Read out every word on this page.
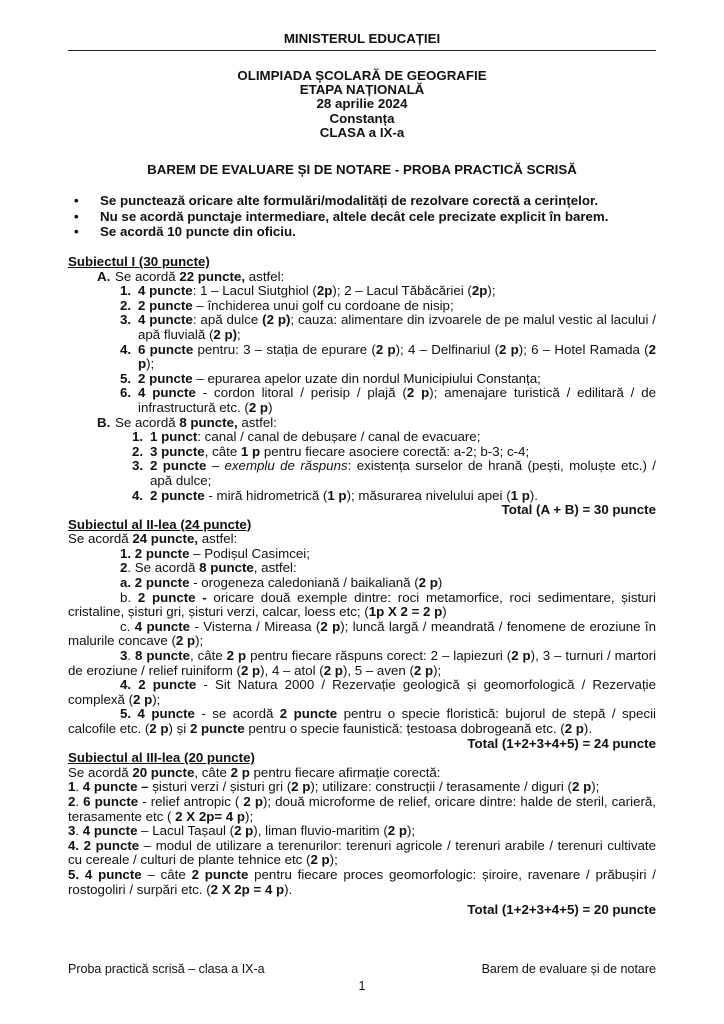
MINISTERUL EDUCAȚIEI
OLIMPIADA ȘCOLARĂ DE GEOGRAFIE
ETAPA NAȚIONALĂ
28 aprilie 2024
Constanța
CLASA a IX-a
BAREM DE EVALUARE ȘI DE NOTARE - PROBA PRACTICĂ SCRISĂ
• Se punctează oricare alte formulări/modalități de rezolvare corectă a cerințelor.
• Nu se acordă punctaje intermediare, altele decât cele precizate explicit în barem.
• Se acordă 10 puncte din oficiu.
Subiectul I (30 puncte)
A. Se acordă 22 puncte, astfel:
1. 4 puncte: 1 – Lacul Siutghiol (2p); 2 – Lacul Tăbăcăriei (2p);
2. 2 puncte – închiderea unui golf cu cordoane de nisip;
3. 4 puncte: apă dulce (2 p); cauza: alimentare din izvoarele de pe malul vestic al lacului / apă fluvială (2 p);
4. 6 puncte pentru: 3 – stația de epurare (2 p); 4 – Delfinariul (2 p); 6 – Hotel Ramada (2 p);
5. 2 puncte – epurarea apelor uzate din nordul Municipiului Constanța;
6. 4 puncte - cordon litoral / perisip / plajă (2 p); amenajare turistică / edilitară / de infrastructură etc. (2 p)
B. Se acordă 8 puncte, astfel:
1. 1 punct: canal / canal de debușare / canal de evacuare;
2. 3 puncte, câte 1 p pentru fiecare asociere corectă: a-2; b-3; c-4;
3. 2 puncte – exemplu de răspuns: existența surselor de hrană (pești, moluște etc.) / apă dulce;
4. 2 puncte - miră hidrometrică (1 p); măsurarea nivelului apei (1 p).
Total (A + B) = 30 puncte
Subiectul al II-lea (24 puncte)
Se acordă 24 puncte, astfel:
1. 2 puncte – Podișul Casimcei;
2. Se acordă 8 puncte, astfel:
a. 2 puncte - orogeneza caledoniană / baikaliană (2 p)
b. 2 puncte - oricare două exemple dintre: roci metamorfice, roci sedimentare, șisturi cristaline, șisturi gri, șisturi verzi, calcar, loess etc; (1p X 2 = 2 p)
c. 4 puncte - Visterna / Mireasa (2 p); luncă largă / meandrată / fenomene de eroziune în malurile concave (2 p);
3. 8 puncte, câte 2 p pentru fiecare răspuns corect: 2 – lapiezuri (2 p), 3 – turnuri / martori de eroziune / relief ruiniform (2 p), 4 – atol (2 p), 5 – aven (2 p);
4. 2 puncte - Sit Natura 2000 / Rezervație geologică și geomorfologică / Rezervație complexă (2 p);
5. 4 puncte - se acordă 2 puncte pentru o specie floristică: bujorul de stepă / specii calcofile etc. (2 p) și 2 puncte pentru o specie faunistică: țestoasa dobrogeană etc. (2 p).
Total (1+2+3+4+5) = 24 puncte
Subiectul al III-lea (20 puncte)
Se acordă 20 puncte, câte 2 p pentru fiecare afirmație corectă:
1. 4 puncte – șisturi verzi / șisturi gri (2 p); utilizare: construcții / terasamente / diguri (2 p);
2. 6 puncte - relief antropic ( 2 p); două microforme de relief, oricare dintre: halde de steril, carieră, terasamente etc ( 2 X 2p= 4 p);
3. 4 puncte – Lacul Tașaul (2 p), liman fluvio-maritim (2 p);
4. 2 puncte – modul de utilizare a terenurilor: terenuri agricole / terenuri arabile / terenuri cultivate cu cereale / culturi de plante tehnice etc (2 p);
5. 4 puncte – câte 2 puncte pentru fiecare proces geomorfologic: șiroire, ravenare / prăbușiri / rostogoliri / surpări etc. (2 X 2p = 4 p).
Total (1+2+3+4+5) = 20 puncte
Proba practică scrisă – clasa a IX-a	Barem de evaluare și de notare
1
